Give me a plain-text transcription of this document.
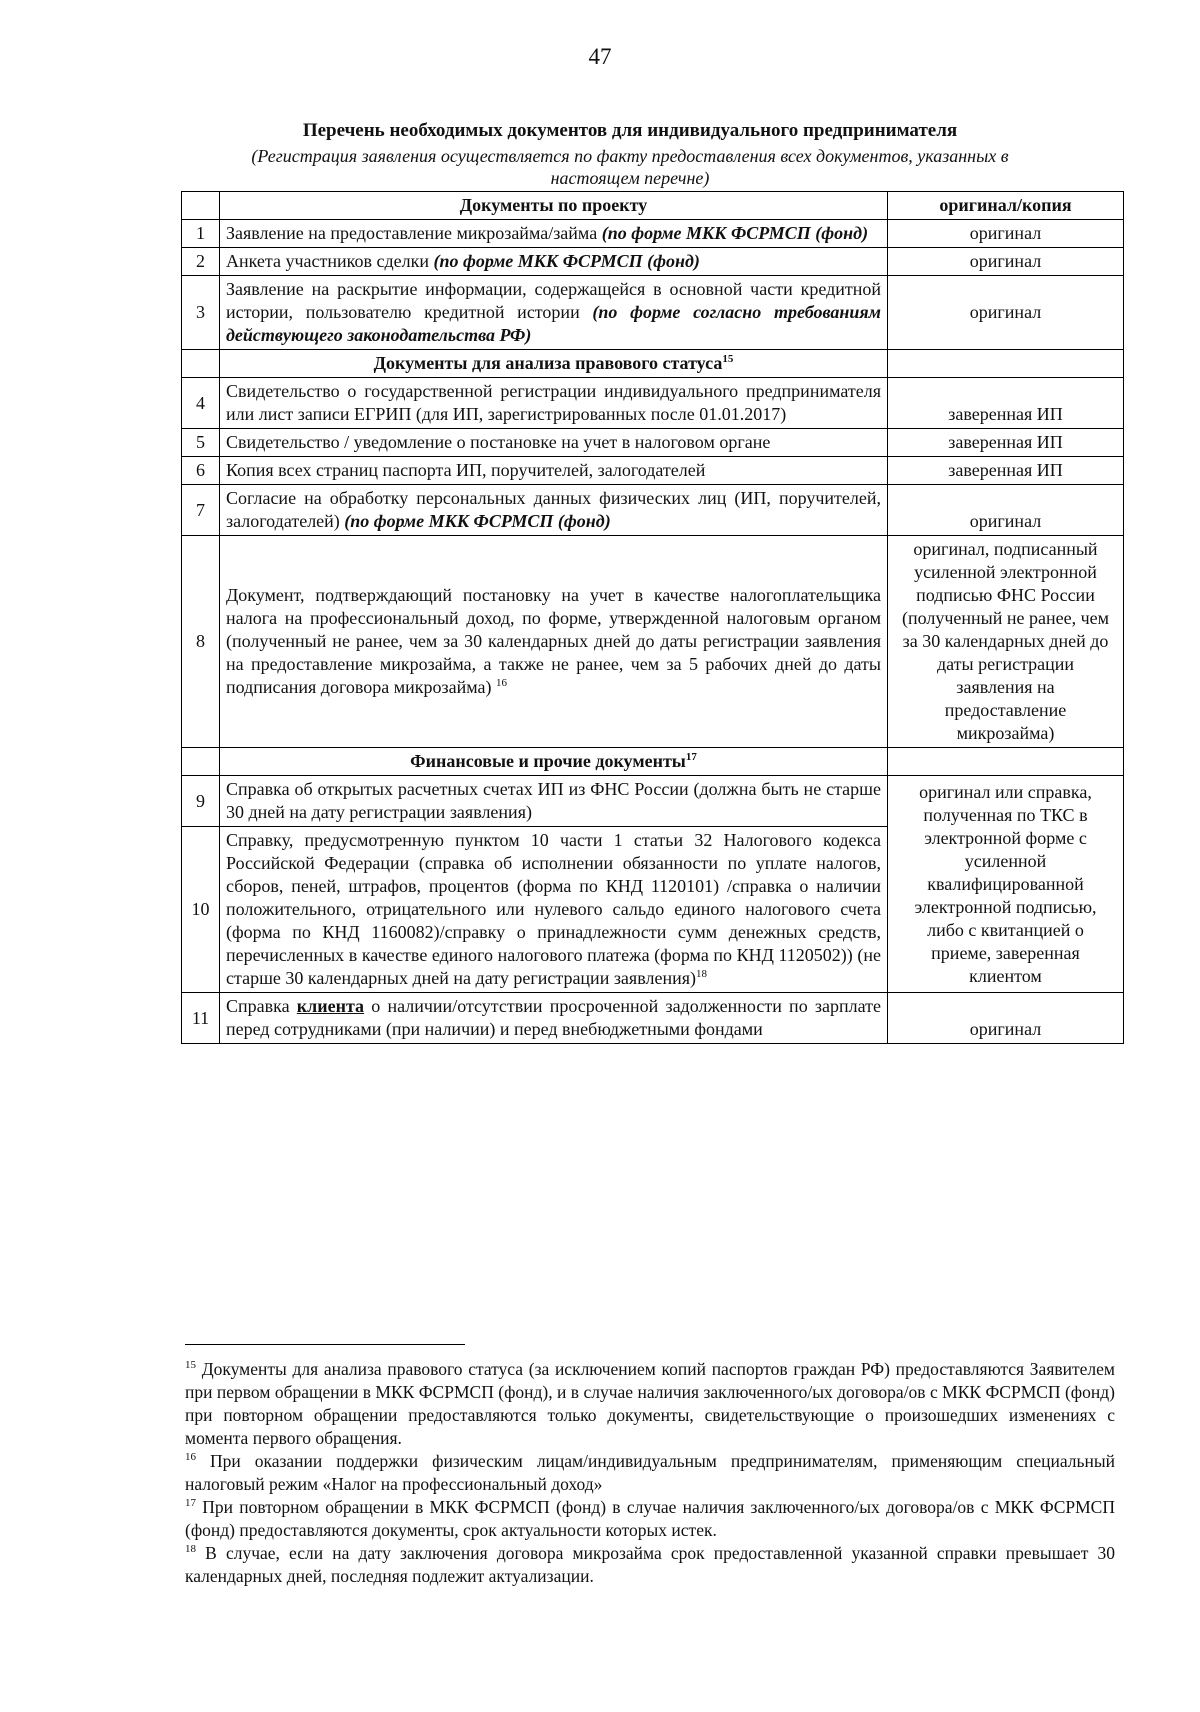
47
Перечень необходимых документов для индивидуального предпринимателя
(Регистрация заявления осуществляется по факту предоставления всех документов, указанных в настоящем перечне)
	Документы по проекту	оригинал/копия
1	Заявление на предоставление микрозайма/займа (по форме МКК ФСРМСП (фонд)	оригинал
2	Анкета участников сделки (по форме МКК ФСРМСП (фонд)	оригинал
3	Заявление на раскрытие информации, содержащейся в основной части кредитной истории, пользователю кредитной истории (по форме согласно требованиям действующего законодательства РФ)	оригинал
	Документы для анализа правового статуса$^{15}$	
4	Свидетельство о государственной регистрации индивидуального предпринимателя или лист записи ЕГРИП (для ИП, зарегистрированных после 01.01.2017)	заверенная ИП
5	Свидетельство / уведомление о постановке на учет в налоговом органе	заверенная ИП
6	Копия всех страниц паспорта ИП, поручителей, залогодателей	заверенная ИП
7	Согласие на обработку персональных данных физических лиц (ИП, поручителей, залогодателей) (по форме МКК ФСРМСП (фонд)	оригинал
8	Документ, подтверждающий постановку на учет в качестве налогоплательщика налога на профессиональный доход, по форме, утвержденной налоговым органом (полученный не ранее, чем за 30 календарных дней до даты регистрации заявления на предоставление микрозайма, а также не ранее, чем за 5 рабочих дней до даты подписания договора микрозайма) $^{16}$	оригинал, подписанный усиленной электронной подписью ФНС России (полученный не ранее, чем за 30 календарных дней до даты регистрации заявления на предоставление микрозайма)
	Финансовые и прочие документы$^{17}$	
9	Справка об открытых расчетных счетах ИП из ФНС России (должна быть не старше 30 дней на дату регистрации заявления)	оригинал или справка, полученная по ТКС в электронной форме с усиленной квалифицированной электронной подписью, либо с квитанцией о приеме, заверенная клиентом
10	Справку, предусмотренную пунктом 10 части 1 статьи 32 Налогового кодекса Российской Федерации (справка об исполнении обязанности по уплате налогов, сборов, пеней, штрафов, процентов (форма по КНД 1120101) /справка о наличии положительного, отрицательного или нулевого сальдо единого налогового счета (форма по КНД 1160082)/справку о принадлежности сумм денежных средств, перечисленных в качестве единого налогового платежа (форма по КНД 1120502)) (не старше 30 календарных дней на дату регистрации заявления)$^{18}$
11	Справка клиента о наличии/отсутствии просроченной задолженности по зарплате перед сотрудниками (при наличии) и перед внебюджетными фондами	оригинал

$^{15}$ Документы для анализа правового статуса (за исключением копий паспортов граждан РФ) предоставляются Заявителем при первом обращении в МКК ФСРМСП (фонд), и в случае наличия заключенного/ых договора/ов с МКК ФСРМСП (фонд) при повторном обращении предоставляются только документы, свидетельствующие о произошедших изменениях с момента первого обращения.

$^{16}$ При оказании поддержки физическим лицам/индивидуальным предпринимателям, применяющим специальный налоговый режим «Налог на профессиональный доход»

$^{17}$ При повторном обращении в МКК ФСРМСП (фонд) в случае наличия заключенного/ых договора/ов с МКК ФСРМСП (фонд) предоставляются документы, срок актуальности которых истек.

$^{18}$ В случае, если на дату заключения договора микрозайма срок предоставленной указанной справки превышает 30 календарных дней, последняя подлежит актуализации.
